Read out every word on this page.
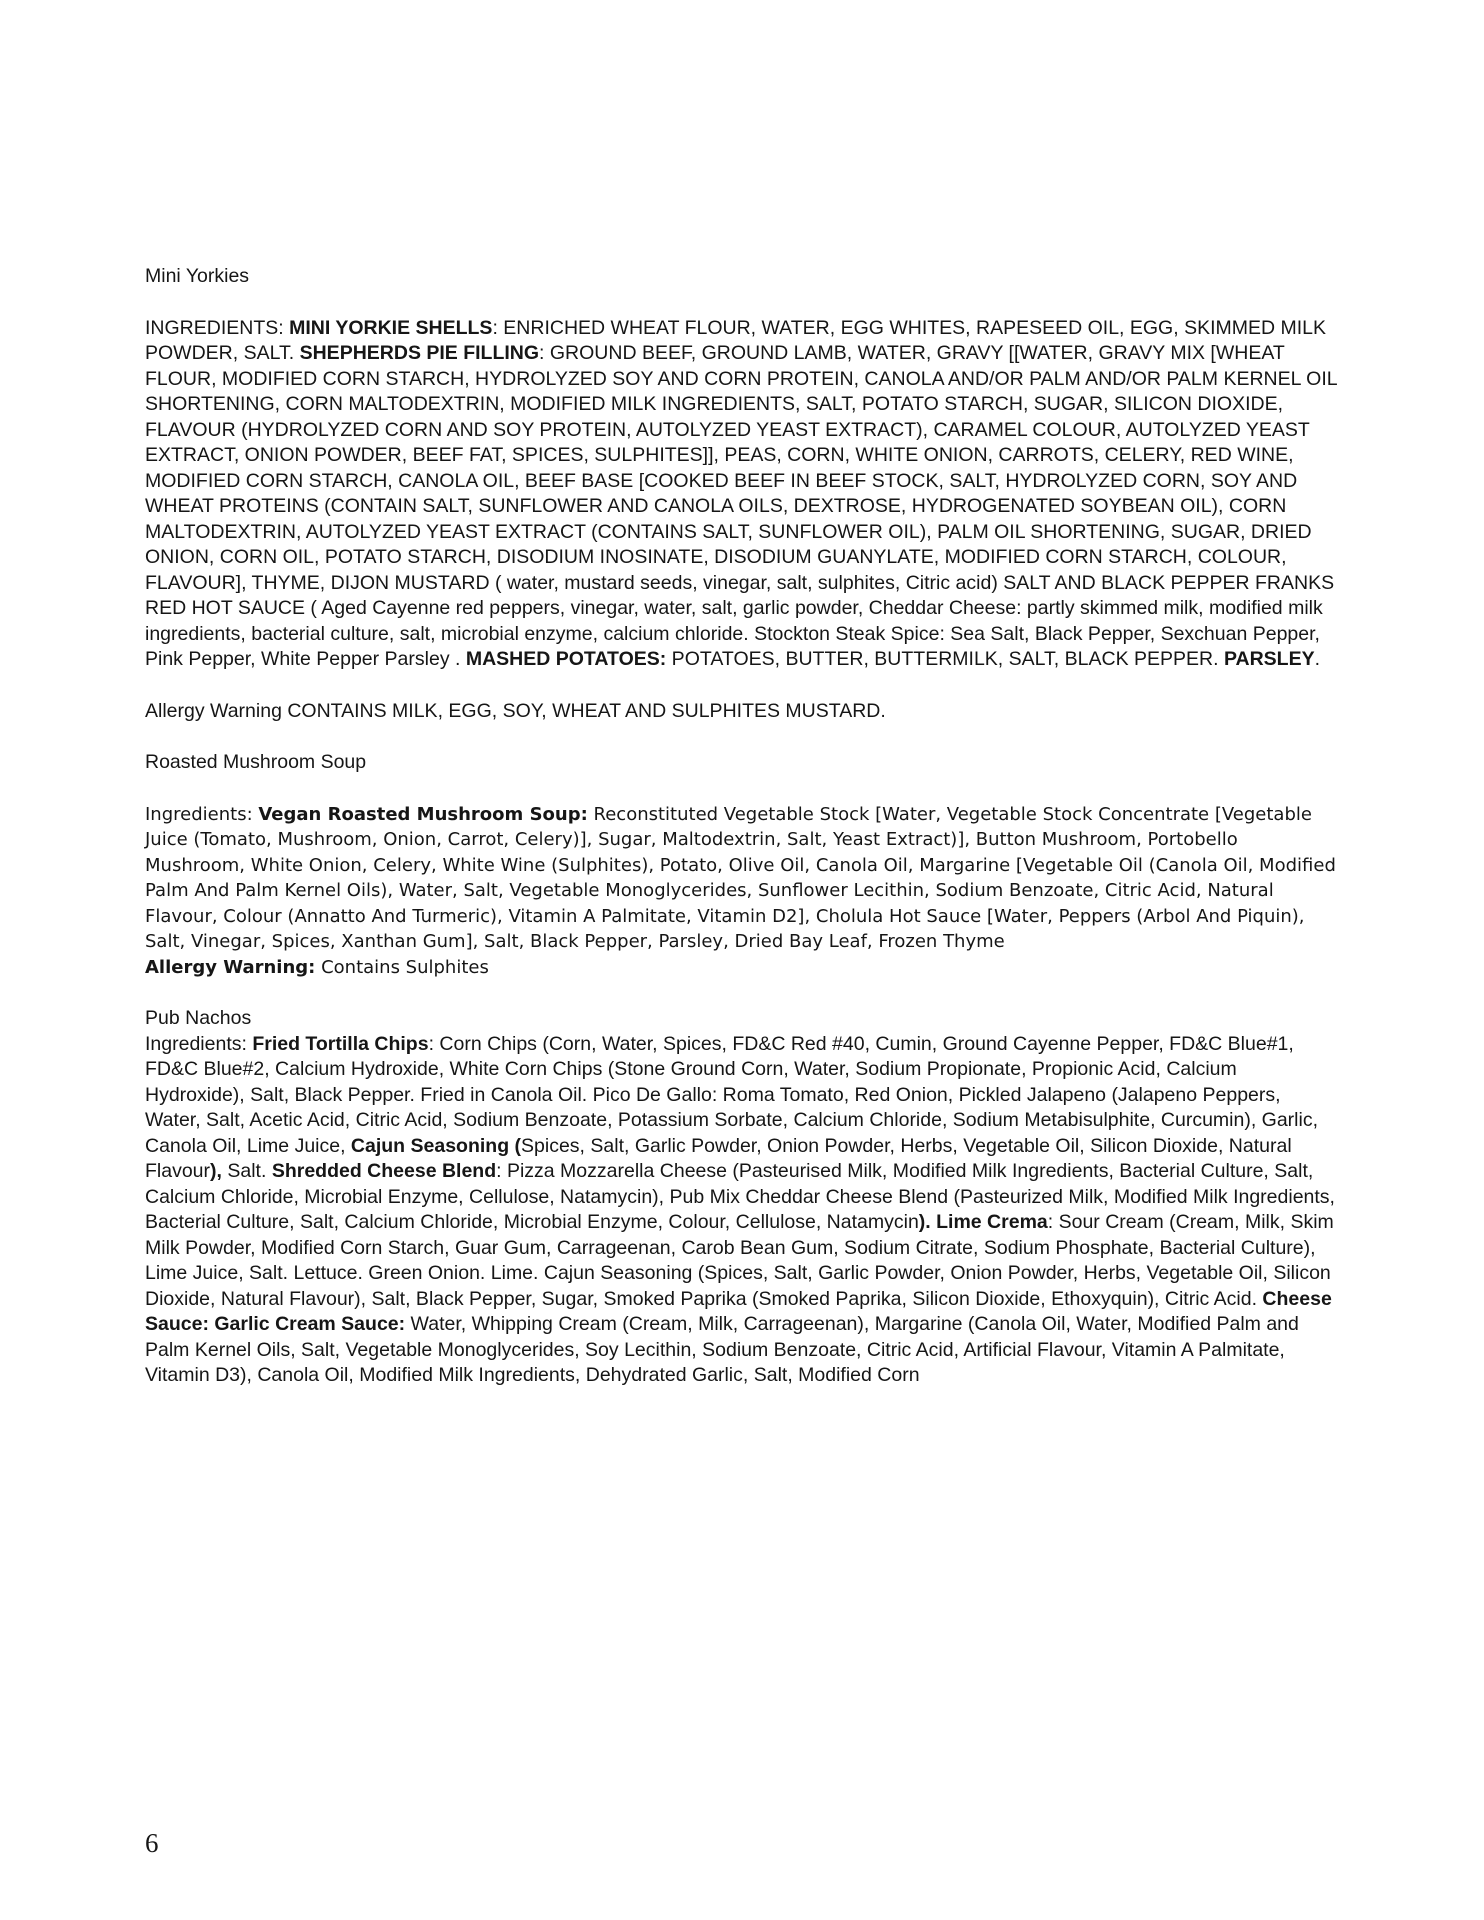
Mini Yorkies
INGREDIENTS: MINI YORKIE SHELLS: ENRICHED WHEAT FLOUR, WATER, EGG WHITES, RAPESEED OIL, EGG, SKIMMED MILK POWDER, SALT. SHEPHERDS PIE FILLING: GROUND BEEF, GROUND LAMB, WATER, GRAVY [[WATER, GRAVY MIX [WHEAT FLOUR, MODIFIED CORN STARCH, HYDROLYZED SOY AND CORN PROTEIN, CANOLA AND/OR PALM AND/OR PALM KERNEL OIL SHORTENING, CORN MALTODEXTRIN, MODIFIED MILK INGREDIENTS, SALT, POTATO STARCH, SUGAR, SILICON DIOXIDE, FLAVOUR (HYDROLYZED CORN AND SOY PROTEIN, AUTOLYZED YEAST EXTRACT), CARAMEL COLOUR, AUTOLYZED YEAST EXTRACT, ONION POWDER, BEEF FAT, SPICES, SULPHITES]], PEAS, CORN, WHITE ONION, CARROTS, CELERY, RED WINE, MODIFIED CORN STARCH, CANOLA OIL, BEEF BASE [COOKED BEEF IN BEEF STOCK, SALT, HYDROLYZED CORN, SOY AND WHEAT PROTEINS (CONTAIN SALT, SUNFLOWER AND CANOLA OILS, DEXTROSE, HYDROGENATED SOYBEAN OIL), CORN MALTODEXTRIN, AUTOLYZED YEAST EXTRACT (CONTAINS SALT, SUNFLOWER OIL), PALM OIL SHORTENING, SUGAR, DRIED ONION, CORN OIL, POTATO STARCH, DISODIUM INOSINATE, DISODIUM GUANYLATE, MODIFIED CORN STARCH, COLOUR, FLAVOUR], THYME, DIJON MUSTARD ( water, mustard seeds, vinegar, salt, sulphites, Citric acid) SALT AND BLACK PEPPER FRANKS RED HOT SAUCE ( Aged Cayenne red peppers, vinegar, water, salt, garlic powder, Cheddar Cheese: partly skimmed milk, modified milk ingredients, bacterial culture, salt, microbial enzyme, calcium chloride. Stockton Steak Spice: Sea Salt, Black Pepper, Sexchuan Pepper, Pink Pepper, White Pepper Parsley . MASHED POTATOES: POTATOES, BUTTER, BUTTERMILK, SALT, BLACK PEPPER. PARSLEY.
Allergy Warning CONTAINS MILK, EGG, SOY, WHEAT AND SULPHITES MUSTARD.
Roasted Mushroom Soup
Ingredients: Vegan Roasted Mushroom Soup: Reconstituted Vegetable Stock [Water, Vegetable Stock Concentrate [Vegetable Juice (Tomato, Mushroom, Onion, Carrot, Celery)], Sugar, Maltodextrin, Salt, Yeast Extract)], Button Mushroom, Portobello Mushroom, White Onion, Celery, White Wine (Sulphites), Potato, Olive Oil, Canola Oil, Margarine [Vegetable Oil (Canola Oil, Modified Palm And Palm Kernel Oils), Water, Salt, Vegetable Monoglycerides, Sunflower Lecithin, Sodium Benzoate, Citric Acid, Natural Flavour, Colour (Annatto And Turmeric), Vitamin A Palmitate, Vitamin D2], Cholula Hot Sauce [Water, Peppers (Arbol And Piquin), Salt, Vinegar, Spices, Xanthan Gum], Salt, Black Pepper, Parsley, Dried Bay Leaf, Frozen Thyme
Allergy Warning: Contains Sulphites
Pub Nachos
Ingredients: Fried Tortilla Chips: Corn Chips (Corn, Water, Spices, FD&C Red #40, Cumin, Ground Cayenne Pepper, FD&C Blue#1, FD&C Blue#2, Calcium Hydroxide, White Corn Chips (Stone Ground Corn, Water, Sodium Propionate, Propionic Acid, Calcium Hydroxide), Salt, Black Pepper. Fried in Canola Oil. Pico De Gallo: Roma Tomato, Red Onion, Pickled Jalapeno (Jalapeno Peppers, Water, Salt, Acetic Acid, Citric Acid, Sodium Benzoate, Potassium Sorbate, Calcium Chloride, Sodium Metabisulphite, Curcumin), Garlic, Canola Oil, Lime Juice, Cajun Seasoning (Spices, Salt, Garlic Powder, Onion Powder, Herbs, Vegetable Oil, Silicon Dioxide, Natural Flavour), Salt. Shredded Cheese Blend: Pizza Mozzarella Cheese (Pasteurised Milk, Modified Milk Ingredients, Bacterial Culture, Salt, Calcium Chloride, Microbial Enzyme, Cellulose, Natamycin), Pub Mix Cheddar Cheese Blend (Pasteurized Milk, Modified Milk Ingredients, Bacterial Culture, Salt, Calcium Chloride, Microbial Enzyme, Colour, Cellulose, Natamycin). Lime Crema: Sour Cream (Cream, Milk, Skim Milk Powder, Modified Corn Starch, Guar Gum, Carrageenan, Carob Bean Gum, Sodium Citrate, Sodium Phosphate, Bacterial Culture), Lime Juice, Salt. Lettuce. Green Onion. Lime. Cajun Seasoning (Spices, Salt, Garlic Powder, Onion Powder, Herbs, Vegetable Oil, Silicon Dioxide, Natural Flavour), Salt, Black Pepper, Sugar, Smoked Paprika (Smoked Paprika, Silicon Dioxide, Ethoxyquin), Citric Acid. Cheese Sauce: Garlic Cream Sauce: Water, Whipping Cream (Cream, Milk, Carrageenan), Margarine (Canola Oil, Water, Modified Palm and Palm Kernel Oils, Salt, Vegetable Monoglycerides, Soy Lecithin, Sodium Benzoate, Citric Acid, Artificial Flavour, Vitamin A Palmitate, Vitamin D3), Canola Oil, Modified Milk Ingredients, Dehydrated Garlic, Salt, Modified Corn
6
